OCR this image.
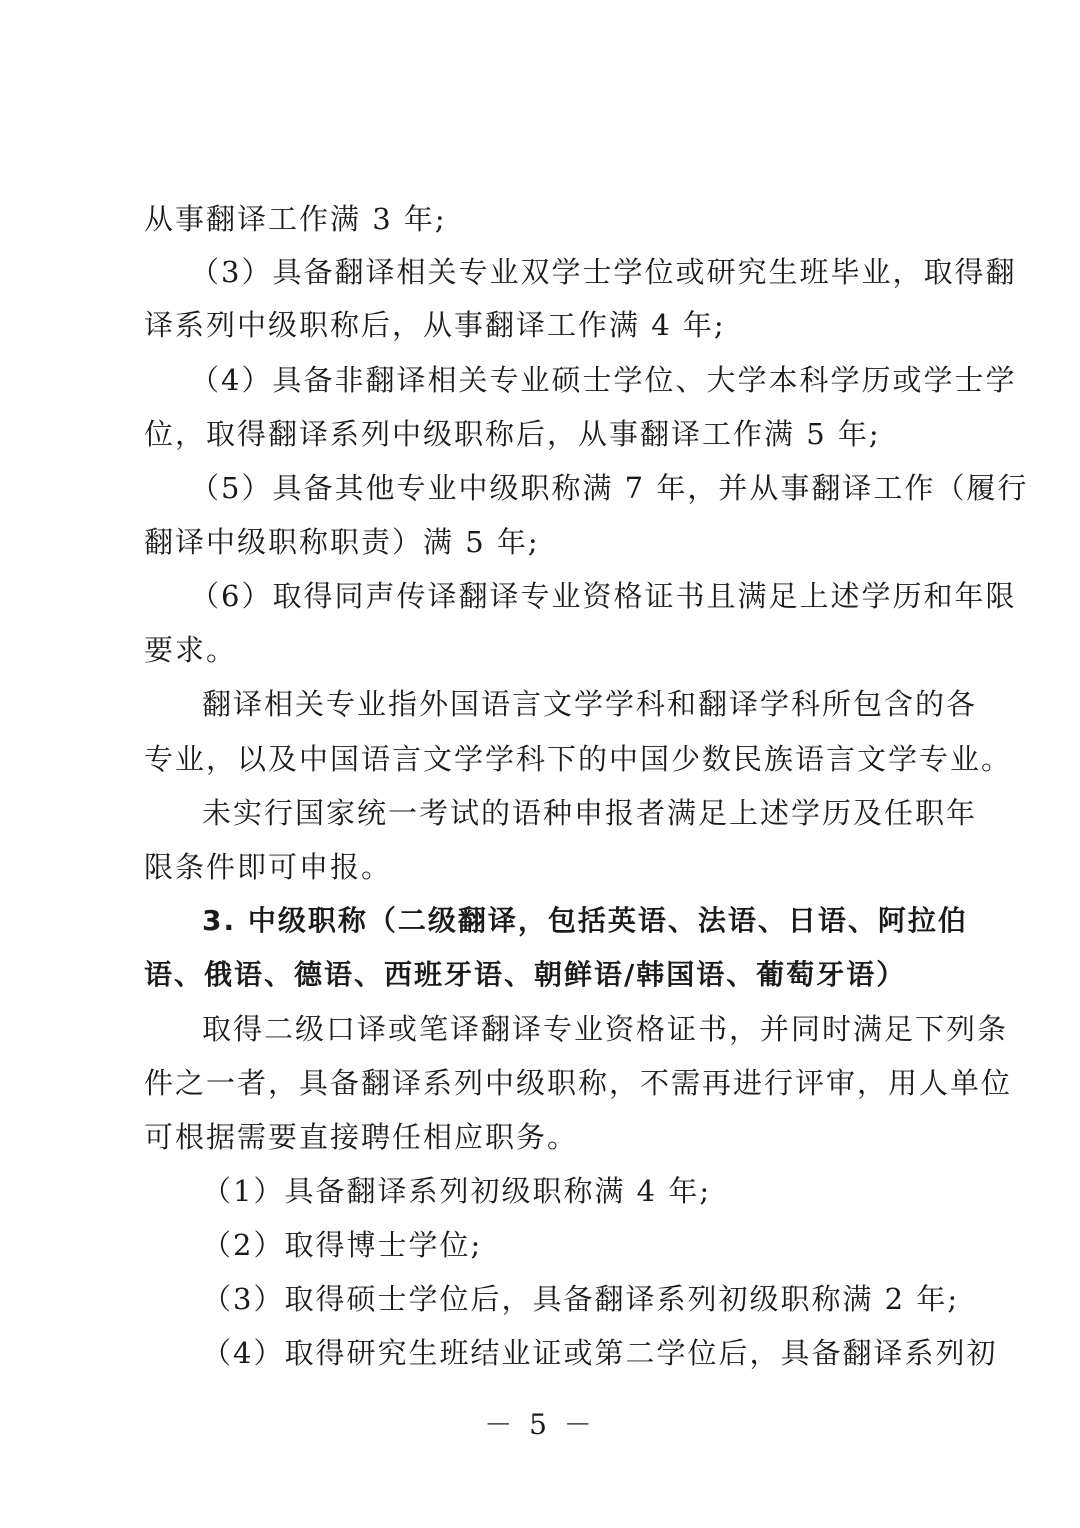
从事翻译工作满 3 年;
（3）具备翻译相关专业双学士学位或研究生班毕业，取得翻
译系列中级职称后，从事翻译工作满 4 年;
（4）具备非翻译相关专业硕士学位、大学本科学历或学士学
位，取得翻译系列中级职称后，从事翻译工作满 5 年;
（5）具备其他专业中级职称满 7 年，并从事翻译工作（履行
翻译中级职称职责）满 5 年;
（6）取得同声传译翻译专业资格证书且满足上述学历和年限
要求。
翻译相关专业指外国语言文学学科和翻译学科所包含的各
专业，以及中国语言文学学科下的中国少数民族语言文学专业。
未实行国家统一考试的语种申报者满足上述学历及任职年
限条件即可申报。
3. 中级职称（二级翻译，包括英语、法语、日语、阿拉伯
语、俄语、德语、西班牙语、朝鲜语/韩国语、葡萄牙语）
取得二级口译或笔译翻译专业资格证书，并同时满足下列条
件之一者，具备翻译系列中级职称，不需再进行评审，用人单位
可根据需要直接聘任相应职务。
（1）具备翻译系列初级职称满 4 年;
（2）取得博士学位;
（3）取得硕士学位后，具备翻译系列初级职称满 2 年;
（4）取得研究生班结业证或第二学位后，具备翻译系列初
－ 5 －
